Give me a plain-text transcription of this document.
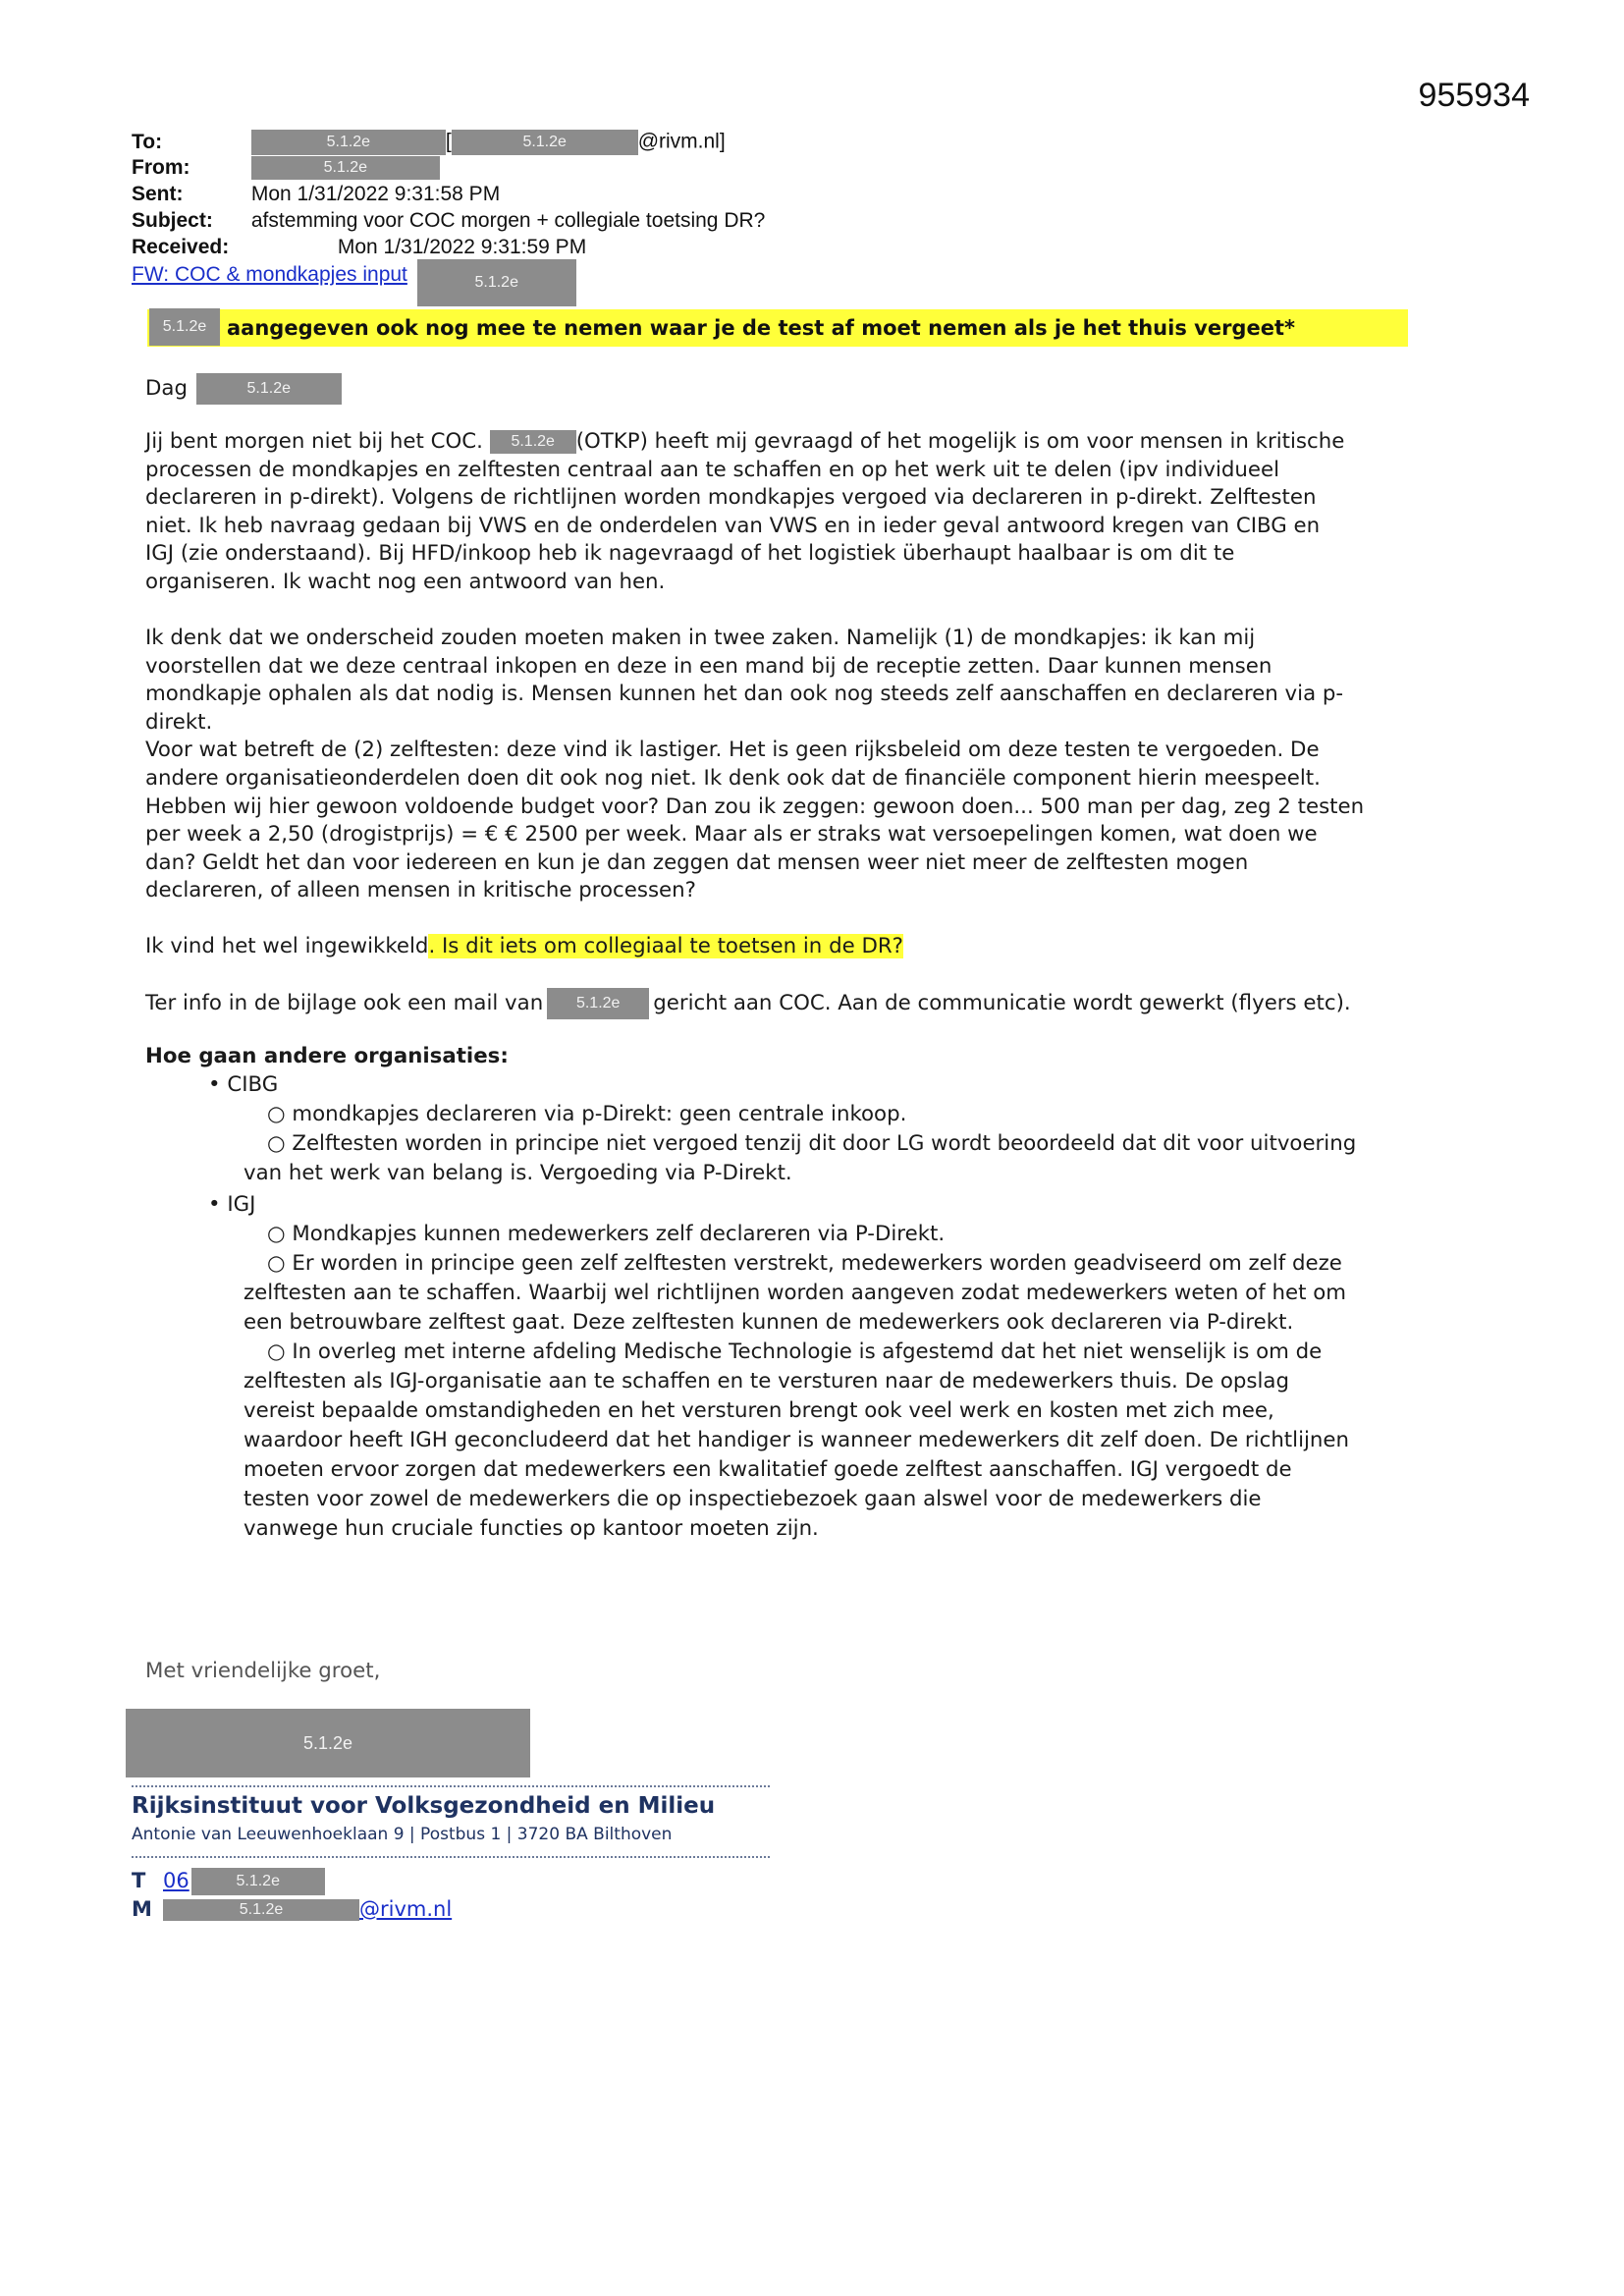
955934
To:	5.1.2e	[	5.1.2e	@rivm.nl]
From:	5.1.2e
Sent:	Mon 1/31/2022 9:31:58 PM
Subject: afstemming voor COC morgen + collegiale toetsing DR?
Received:	Mon 1/31/2022 9:31:59 PM
FW: COC & mondkapjes input	5.1.2e
5.1.2e aangegeven ook nog mee te nemen waar je de test af moet nemen als je het thuis vergeet*
Dag	5.1.2e
Jij bent morgen niet bij het COC. 5.1.2e (OTKP) heeft mij gevraagd of het mogelijk is om voor mensen in kritische
processen de mondkapjes en zelftesten centraal aan te schaffen en op het werk uit te delen (ipv individueel
declareren in p-direkt). Volgens de richtlijnen worden mondkapjes vergoed via declareren in p-direkt. Zelftesten
niet. Ik heb navraag gedaan bij VWS en de onderdelen van VWS en in ieder geval antwoord kregen van CIBG en
IGJ (zie onderstaand). Bij HFD/inkoop heb ik nagevraagd of het logistiek überhaupt haalbaar is om dit te
organiseren. Ik wacht nog een antwoord van hen.
Ik denk dat we onderscheid zouden moeten maken in twee zaken. Namelijk (1) de mondkapjes: ik kan mij
voorstellen dat we deze centraal inkopen en deze in een mand bij de receptie zetten. Daar kunnen mensen
mondkapje ophalen als dat nodig is. Mensen kunnen het dan ook nog steeds zelf aanschaffen en declareren via p-
direkt.
Voor wat betreft de (2) zelftesten: deze vind ik lastiger. Het is geen rijksbeleid om deze testen te vergoeden. De
andere organisatieonderdelen doen dit ook nog niet. Ik denk ook dat de financiële component hierin meespeelt.
Hebben wij hier gewoon voldoende budget voor? Dan zou ik zeggen: gewoon doen... 500 man per dag, zeg 2 testen
per week a 2,50 (drogistprijs) = € € 2500 per week. Maar als er straks wat versoepelingen komen, wat doen we
dan? Geldt het dan voor iedereen en kun je dan zeggen dat mensen weer niet meer de zelftesten mogen
declareren, of alleen mensen in kritische processen?
Ik vind het wel ingewikkeld. Is dit iets om collegiaal te toetsen in de DR?
Ter info in de bijlage ook een mail van 5.1.2e gericht aan COC. Aan de communicatie wordt gewerkt (flyers etc).
Hoe gaan andere organisaties:
• CIBG
○ mondkapjes declareren via p-Direkt: geen centrale inkoop.
○ Zelftesten worden in principe niet vergoed tenzij dit door LG wordt beoordeeld dat dit voor uitvoering
van het werk van belang is. Vergoeding via P-Direkt.
• IGJ
○ Mondkapjes kunnen medewerkers zelf declareren via P-Direkt.
○ Er worden in principe geen zelf zelftesten verstrekt, medewerkers worden geadviseerd om zelf deze
zelftesten aan te schaffen. Waarbij wel richtlijnen worden aangeven zodat medewerkers weten of het om
een betrouwbare zelftest gaat. Deze zelftesten kunnen de medewerkers ook declareren via P-direkt.
○ In overleg met interne afdeling Medische Technologie is afgestemd dat het niet wenselijk is om de
zelftesten als IGJ-organisatie aan te schaffen en te versturen naar de medewerkers thuis. De opslag
vereist bepaalde omstandigheden en het versturen brengt ook veel werk en kosten met zich mee,
waardoor heeft IGH geconcludeerd dat het handiger is wanneer medewerkers dit zelf doen. De richtlijnen
moeten ervoor zorgen dat medewerkers een kwalitatief goede zelftest aanschaffen. IGJ vergoedt de
testen voor zowel de medewerkers die op inspectiebezoek gaan alswel voor de medewerkers die
vanwege hun cruciale functies op kantoor moeten zijn.
Met vriendelijke groet,
5.1.2e
Rijksinstituut voor Volksgezondheid en Milieu
Antonie van Leeuwenhoeklaan 9 | Postbus 1 | 3720 BA Bilthoven
T 06	5.1.2e
M	5.1.2e	@rivm.nl
